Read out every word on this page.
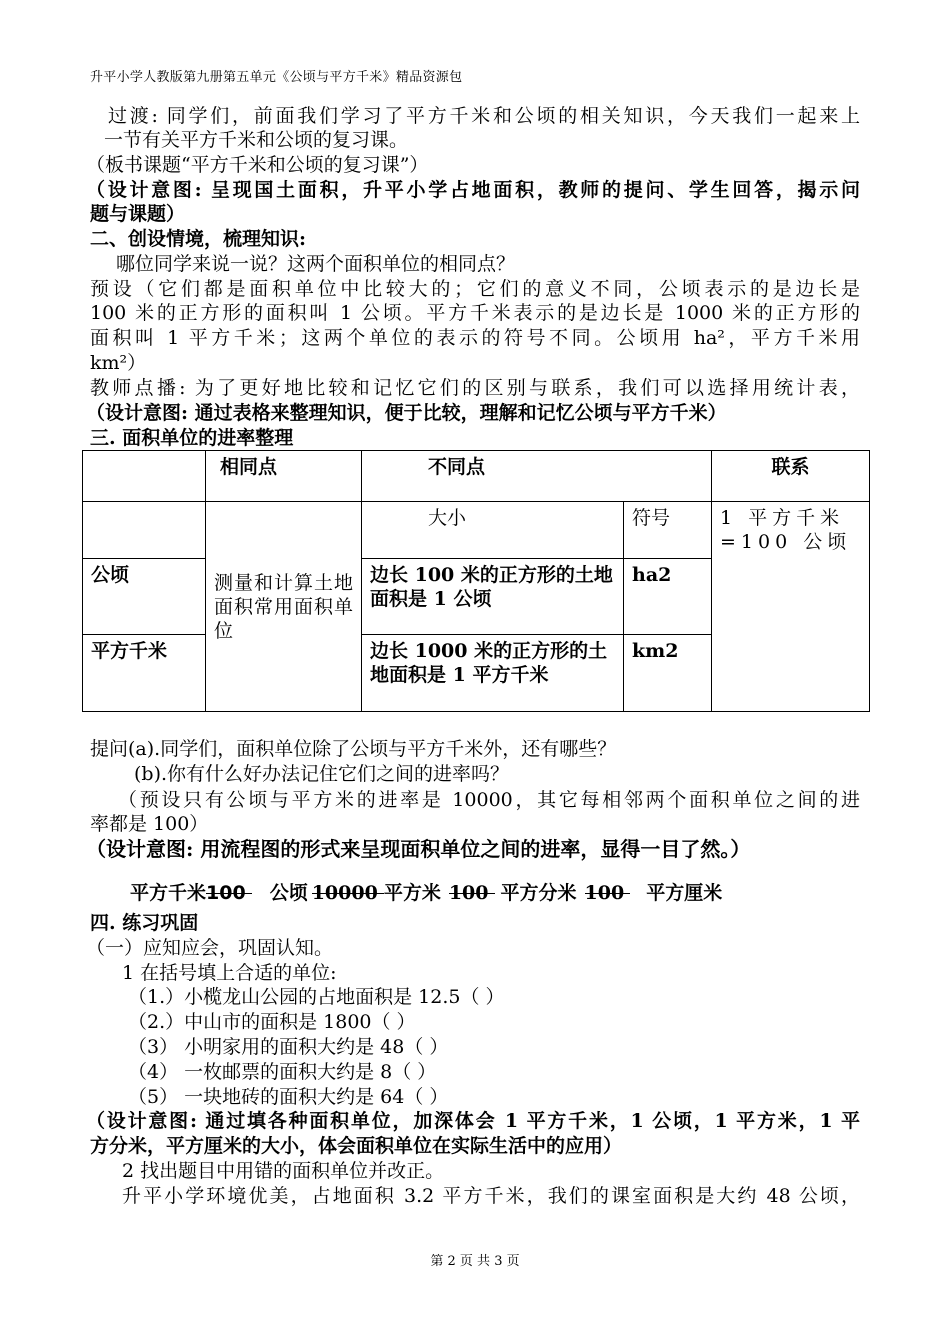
升平小学人教版第九册第五单元《公顷与平方千米》精品资源包
过渡: 同学们，前面我们学习了平方千米和公顷的相关知识，今天我们一起来上
一节有关平方千米和公顷的复习课。
（板书课题“平方千米和公顷的复习课”）
（设计意图: 呈现国土面积，升平小学占地面积，教师的提问、学生回答，揭示问
题与课题）
二、创设情境，梳理知识:
哪位同学来说一说？这两个面积单位的相同点？
预设（它们都是面积单位中比较大的；它们的意义不同，公顷表示的是边长是
100 米的正方形的面积叫 1 公顷。平方千米表示的是边长是 1000 米的正方形的
面积叫 1 平方千米；这两个单位的表示的符号不同。公顷用 ha²，平方千米用
km²）
教师点播: 为了更好地比较和记忆它们的区别与联系，我们可以选择用统计表，
（设计意图: 通过表格来整理知识，便于比较，理解和记忆公顷与平方千米）
三. 面积单位的进率整理
	相同点	不同点		联系
	测量和计算土地面积常用面积单位	大小	符号	1 平方千米=100 公顷
公顷		边长 100 米的正方形的土地面积是 1 公顷	ha2	
平方千米		边长 1000 米的正方形的土地面积是 1 平方千米	km2	
提问(a).同学们，面积单位除了公顷与平方千米外，还有哪些？
(b).你有什么好办法记住它们之间的进率吗？
（预设只有公顷与平方米的进率是 10000，其它每相邻两个面积单位之间的进
率都是 100）
（设计意图: 用流程图的形式来呈现面积单位之间的进率，显得一目了然。）
平方千米100 公顷 10000 平方米 100 平方分米 100 平方厘米
四. 练习巩固
（一）应知应会，巩固认知。
1 在括号填上合适的单位:
（1.）小榄龙山公园的占地面积是 12.5（ ）
（2.）中山市的面积是 1800（ ）
（3） 小明家用的面积大约是 48（ ）
（4） 一枚邮票的面积大约是 8（ ）
（5） 一块地砖的面积大约是 64（ ）
（设计意图: 通过填各种面积单位，加深体会 1 平方千米，1 公顷，1 平方米，1 平
方分米，平方厘米的大小，体会面积单位在实际生活中的应用）
2 找出题目中用错的面积单位并改正。
升平小学环境优美，占地面积 3.2 平方千米，我们的课室面积是大约 48 公顷，
第 2 页 共 3 页
